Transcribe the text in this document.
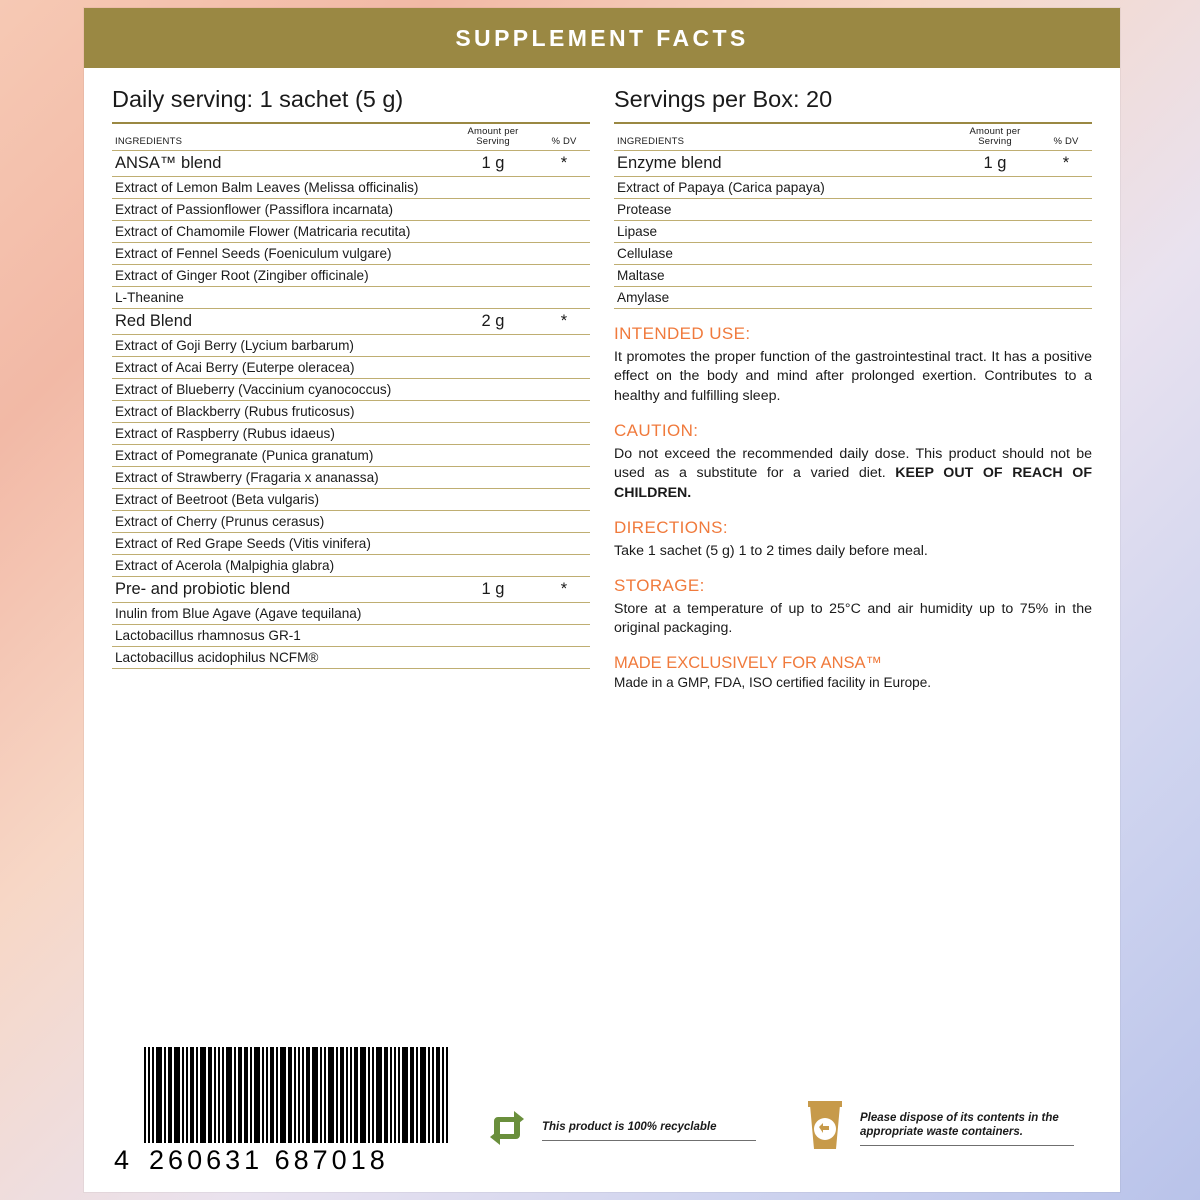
SUPPLEMENT FACTS
Daily serving: 1 sachet (5 g)
INGREDIENTS	Amount per Serving	% DV
ANSA™ blend	1 g	*
Extract of Lemon Balm Leaves (Melissa officinalis)		
Extract of Passionflower (Passiflora incarnata)		
Extract of Chamomile Flower (Matricaria recutita)		
Extract of Fennel Seeds (Foeniculum vulgare)		
Extract of Ginger Root (Zingiber officinale)		
L-Theanine		
Red Blend	2 g	*
Extract of Goji Berry (Lycium barbarum)		
Extract of Acai Berry (Euterpe oleracea)		
Extract of Blueberry (Vaccinium cyanococcus)		
Extract of Blackberry (Rubus fruticosus)		
Extract of Raspberry (Rubus idaeus)		
Extract of Pomegranate (Punica granatum)		
Extract of Strawberry (Fragaria x ananassa)		
Extract of Beetroot (Beta vulgaris)		
Extract of Cherry (Prunus cerasus)		
Extract of Red Grape Seeds (Vitis vinifera)		
Extract of Acerola (Malpighia glabra)		
Pre- and probiotic blend	1 g	*
Inulin from Blue Agave (Agave tequilana)		
Lactobacillus rhamnosus GR-1		
Lactobacillus acidophilus NCFM®		
Servings per Box: 20
INGREDIENTS	Amount per Serving	% DV
Enzyme blend	1 g	*
Extract of Papaya (Carica papaya)		
Protease		
Lipase		
Cellulase		
Maltase		
Amylase		
INTENDED USE:
It promotes the proper function of the gastrointestinal tract. It has a positive effect on the body and mind after prolonged exertion. Contributes to a healthy and fulfilling sleep.
CAUTION:
Do not exceed the recommended daily dose. This product should not be used as a substitute for a varied diet. KEEP OUT OF REACH OF CHILDREN.
DIRECTIONS:
Take 1 sachet (5 g) 1 to 2 times daily before meal.
STORAGE:
Store at a temperature of up to 25°C and air humidity up to 75% in the original packaging.
MADE EXCLUSIVELY FOR ANSA™
Made in a GMP, FDA, ISO certified facility in Europe.
4 260631 687018
This product is 100% recyclable
Please dispose of its contents in the appropriate waste containers.
